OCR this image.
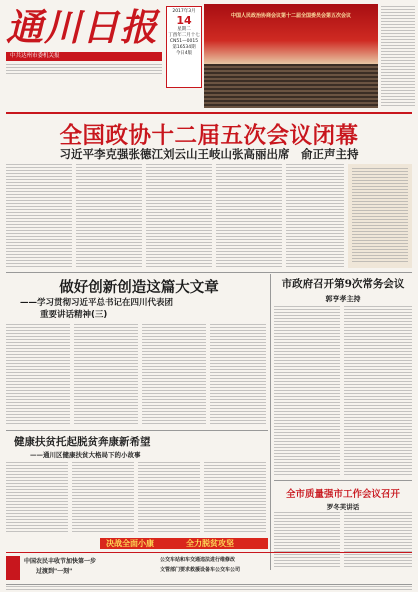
通川日报
中共达州市委机关报
2017年3月
14
星期二
丁酉年二月十七
CN51—0015
第16534期
今日4版
中国人民政治协商会议第十二届全国委员会第五次会议
全国政协十二届五次会议闭幕
习近平李克强张德江刘云山王岐山张高丽出席　俞正声主持
做好创新创造这篇大文章
——学习贯彻习近平总书记在四川代表团
重要讲话精神(三)
市政府召开第9次常务会议
郭亨孝主持
健康扶贫托起脱贫奔康新希望
——通川区健康扶贫大格局下的小故事
决战全面小康	全力脱贫攻坚
中国农民丰收节加快第一步
过渡到"一刻"
公交车站和车交通违法进行维修改
文管部门要求救援设备车公交车公司
全市质量强市工作会议召开
罗冬芙讲话
